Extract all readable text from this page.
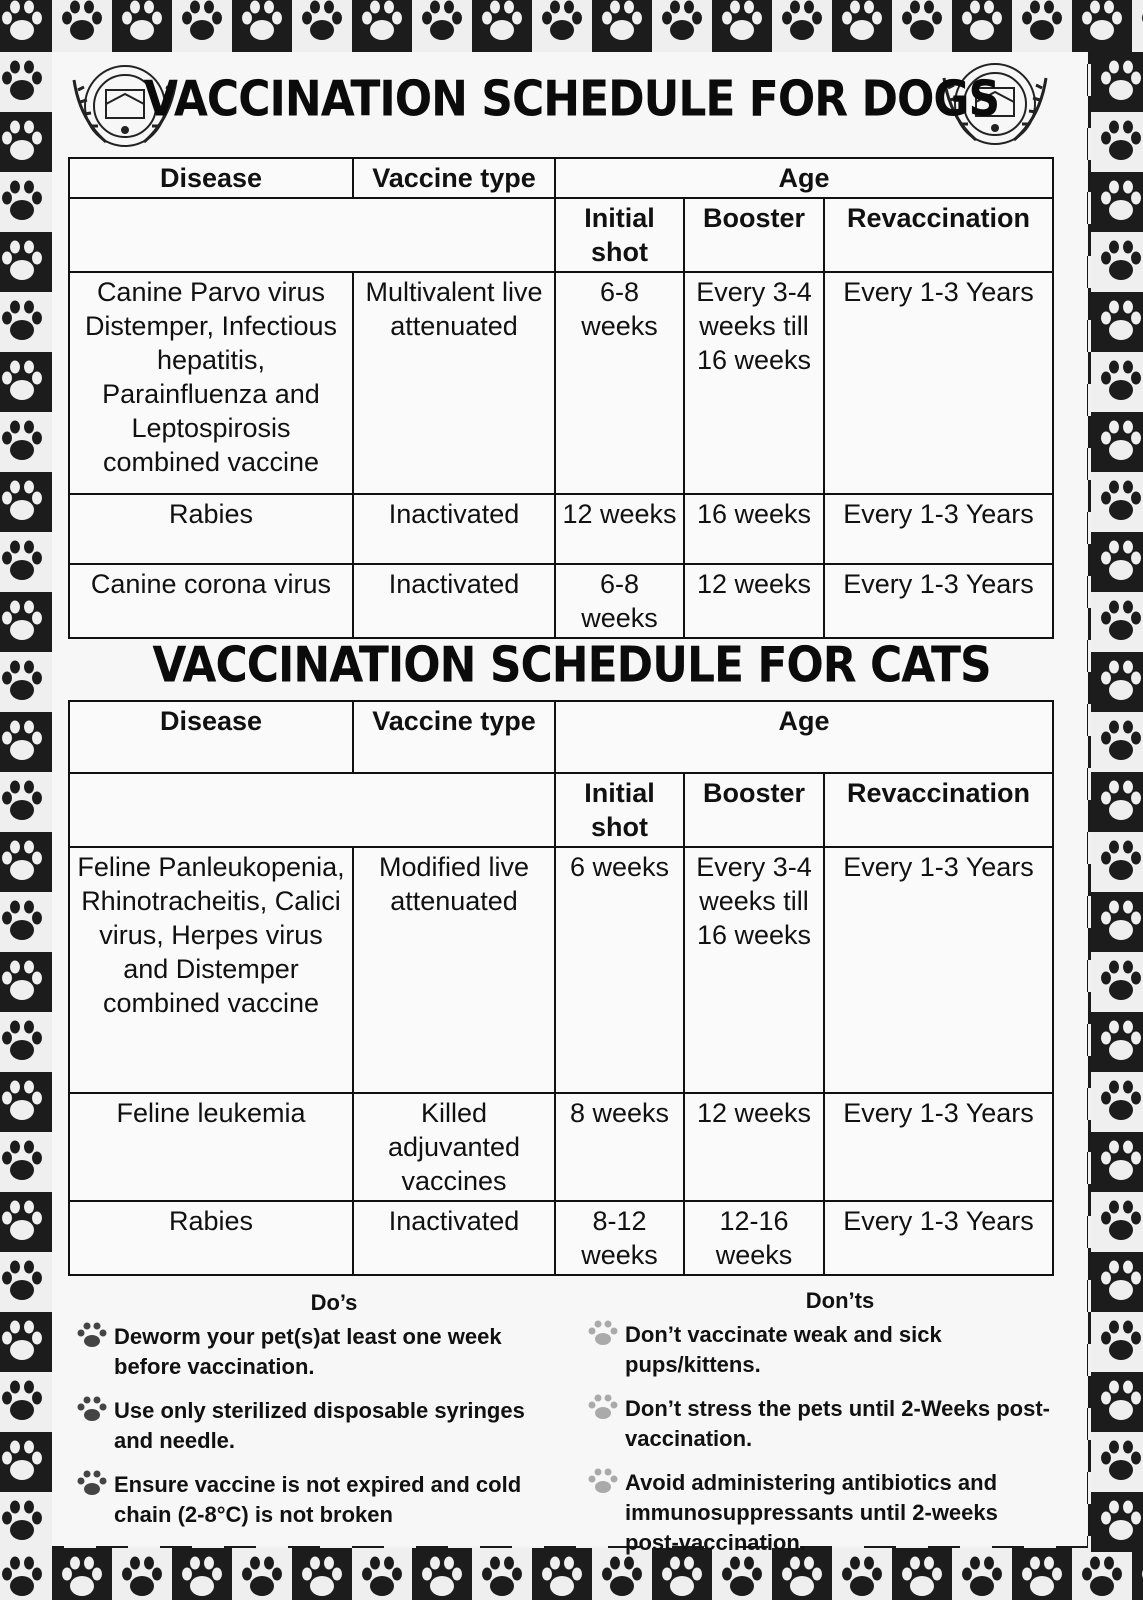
VACCINATION SCHEDULE FOR DOGS
Disease	Vaccine type	Age		
		Initial shot	Booster	Revaccination
Canine Parvo virus Distemper, Infectious hepatitis, Parainfluenza and Leptospirosis combined vaccine	Multivalent live attenuated	6-8 weeks	Every 3-4 weeks till 16 weeks	Every 1-3 Years
Rabies	Inactivated	12 weeks	16 weeks	Every 1-3 Years
Canine corona virus	Inactivated	6-8 weeks	12 weeks	Every 1-3 Years
VACCINATION SCHEDULE FOR CATS
Disease	Vaccine type	Age		
		Initial shot	Booster	Revaccination
Feline Panleukopenia, Rhinotracheitis, Calici virus, Herpes virus and Distemper combined vaccine	Modified live attenuated	6 weeks	Every 3-4 weeks till 16 weeks	Every 1-3 Years
Feline leukemia	Killed adjuvanted vaccines	8 weeks	12 weeks	Every 1-3 Years
Rabies	Inactivated	8-12 weeks	12-16 weeks	Every 1-3 Years
Do’s
Deworm your pet(s)at least one week before vaccination.
Use only sterilized disposable syringes and needle.
Ensure vaccine is not expired and cold chain (2-8°C) is not broken
Don’ts
Don’t vaccinate weak and sick pups/kittens.
Don’t stress the pets until 2-Weeks post-vaccination.
Avoid administering antibiotics and immunosuppressants until 2-weeks post-vaccination.
